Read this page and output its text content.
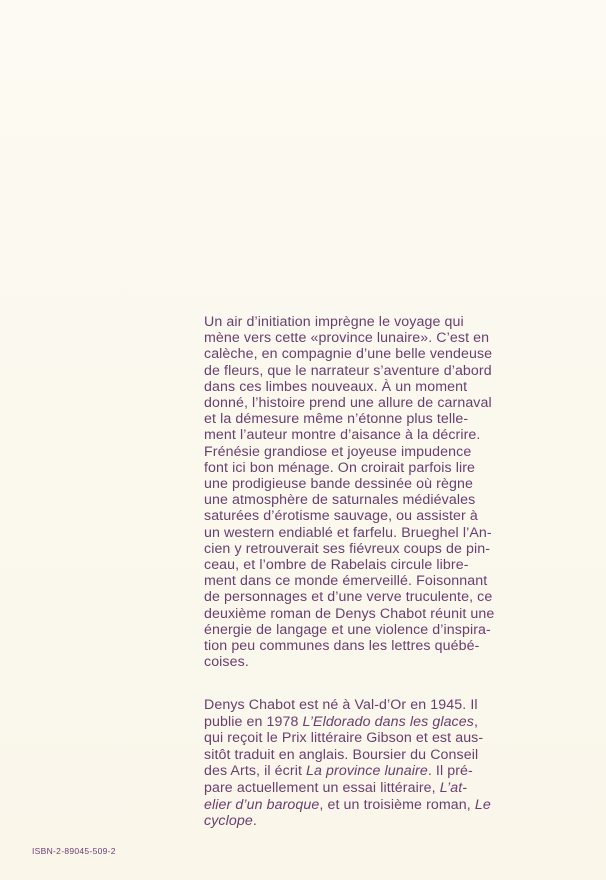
Un air d’initiation imprègne le voyage qui
mène vers cette «province lunaire». C’est en
calèche, en compagnie d’une belle vendeuse
de fleurs, que le narrateur s’aventure d’abord
dans ces limbes nouveaux. À un moment
donné, l’histoire prend une allure de carnaval
et la démesure même n’étonne plus telle-
ment l’auteur montre d’aisance à la décrire.
Frénésie grandiose et joyeuse impudence
font ici bon ménage. On croirait parfois lire
une prodigieuse bande dessinée où règne
une atmosphère de saturnales médiévales
saturées d’érotisme sauvage, ou assister à
un western endiablé et farfelu. Brueghel l’An-
cien y retrouverait ses fiévreux coups de pin-
ceau, et l’ombre de Rabelais circule libre-
ment dans ce monde émerveillé. Foisonnant
de personnages et d’une verve truculente, ce
deuxième roman de Denys Chabot réunit une
énergie de langage et une violence d’inspira-
tion peu communes dans les lettres québé-
coises.
Denys Chabot est né à Val-d’Or en 1945. Il
publie en 1978 L’Eldorado dans les glaces,
qui reçoit le Prix littéraire Gibson et est aus-
sitôt traduit en anglais. Boursier du Conseil
des Arts, il écrit La province lunaire. Il pré-
pare actuellement un essai littéraire, L’at-
elier d’un baroque, et un troisième roman, Le
cyclope.
ISBN-2-89045-509-2
